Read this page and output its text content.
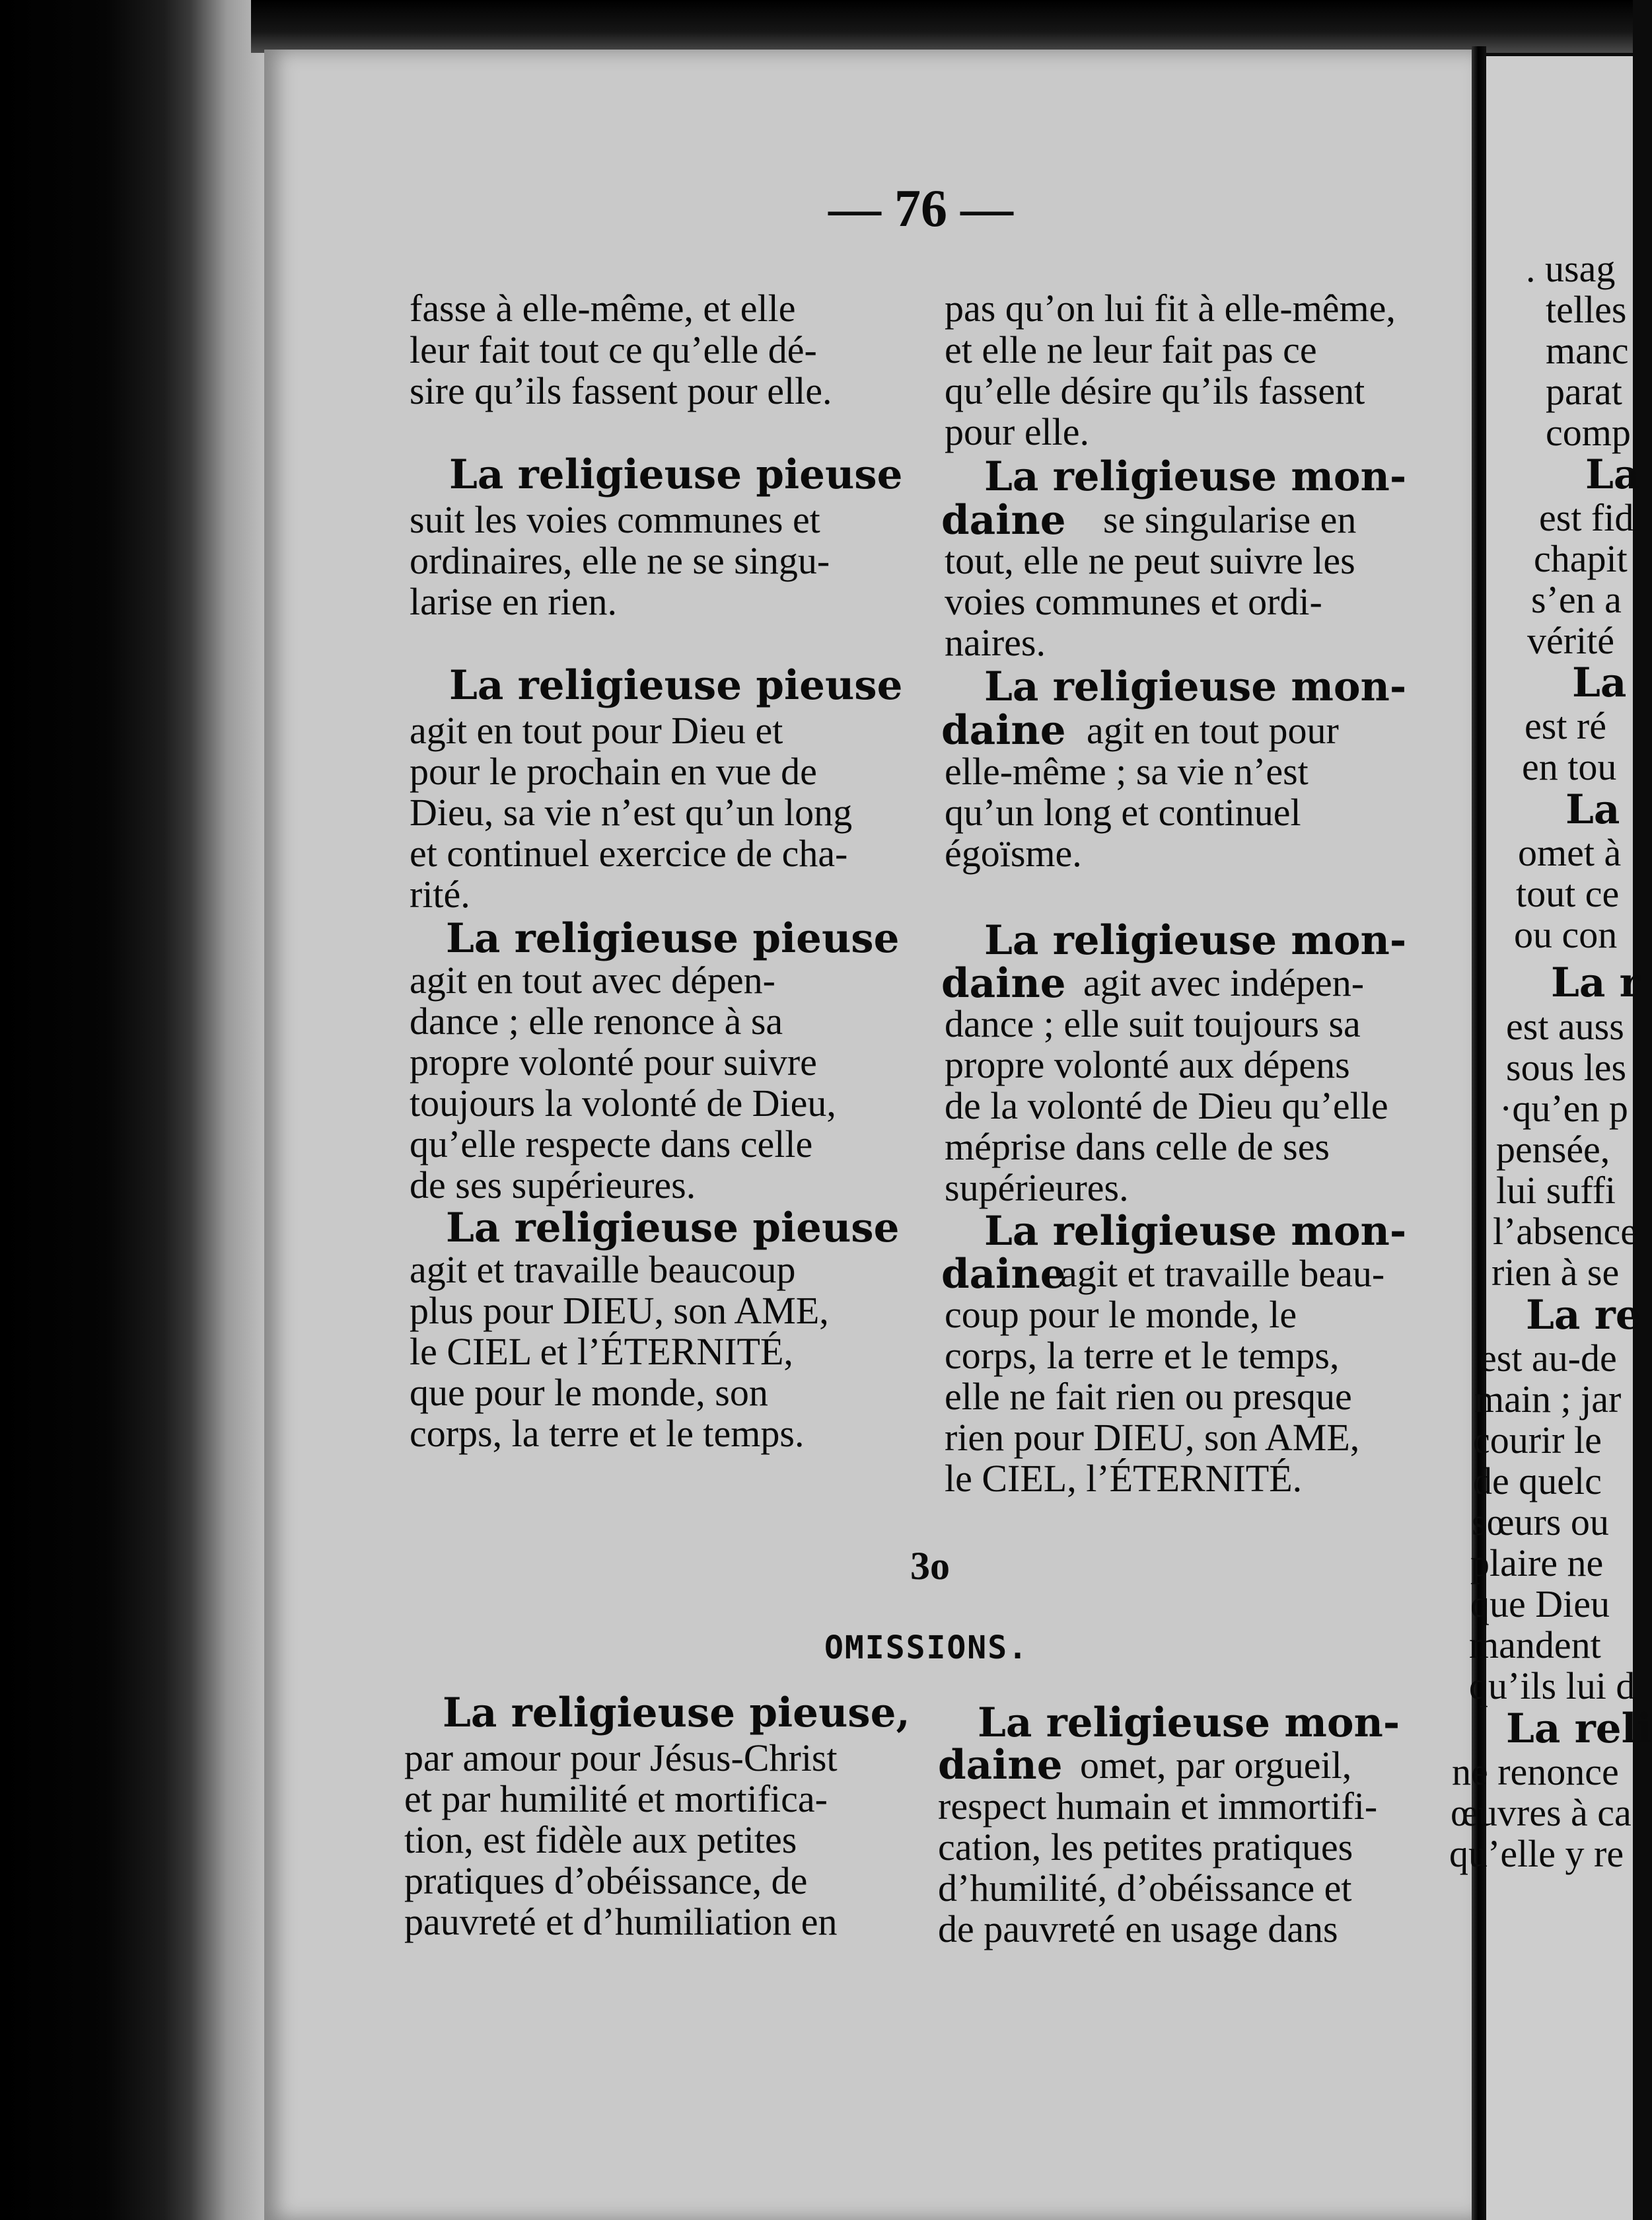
— 76 —
fasse à elle-même, et elle
leur fait tout ce qu’elle dé-
sire qu’ils fassent pour elle.
La religieuse pieuse
suit les voies communes et
ordinaires, elle ne se singu-
larise en rien.
La religieuse pieuse
agit en tout pour Dieu et
pour le prochain en vue de
Dieu, sa vie n’est qu’un long
et continuel exercice de cha-
rité.
La religieuse pieuse
agit en tout avec dépen-
dance ; elle renonce à sa
propre volonté pour suivre
toujours la volonté de Dieu,
qu’elle respecte dans celle
de ses supérieures.
La religieuse pieuse
agit et travaille beaucoup
plus pour DIEU, son AME,
le CIEL et l’ÉTERNITÉ,
que pour le monde, son
corps, la terre et le temps.
La religieuse pieuse,
par amour pour Jésus-Christ
et par humilité et mortifica-
tion, est fidèle aux petites
pratiques d’obéissance, de
pauvreté et d’humiliation en
pas qu’on lui fit à elle-même,
et elle ne leur fait pas ce
qu’elle désire qu’ils fassent
pour elle.
La religieuse mon-
daine se singularise en
tout, elle ne peut suivre les
voies communes et ordi-
naires.
La religieuse mon-
daine agit en tout pour
elle-même ; sa vie n’est
qu’un long et continuel
égoïsme.
La religieuse mon-
daine agit avec indépen-
dance ; elle suit toujours sa
propre volonté aux dépens
de la volonté de Dieu qu’elle
méprise dans celle de ses
supérieures.
La religieuse mon-
daine
agit et travaille beau-
coup pour le monde, le
corps, la terre et le temps,
elle ne fait rien ou presque
rien pour DIEU, son AME,
le CIEL, l’ÉTERNITÉ.
La religieuse mon-
daine omet, par orgueil,
respect humain et immortifi-
cation, les petites pratiques
d’humilité, d’obéissance et
de pauvreté en usage dans
3o
OMISSIONS.
. usag
telles
manc
parat
comp
La
est fid
chapit
s’en a
vérité
La
est ré
en tou
La
omet à
tout ce
ou con
La r
est auss
sous les
·qu’en p
pensée,
lui suffi
l’absence
rien à se
La re
est au-de
main ; jar
courir le
de quelc
sœurs ou
plaire ne
que Dieu
mandent
qu’ils lui d
La reli
ne renonce
œuvres à ca
qu’elle y re
